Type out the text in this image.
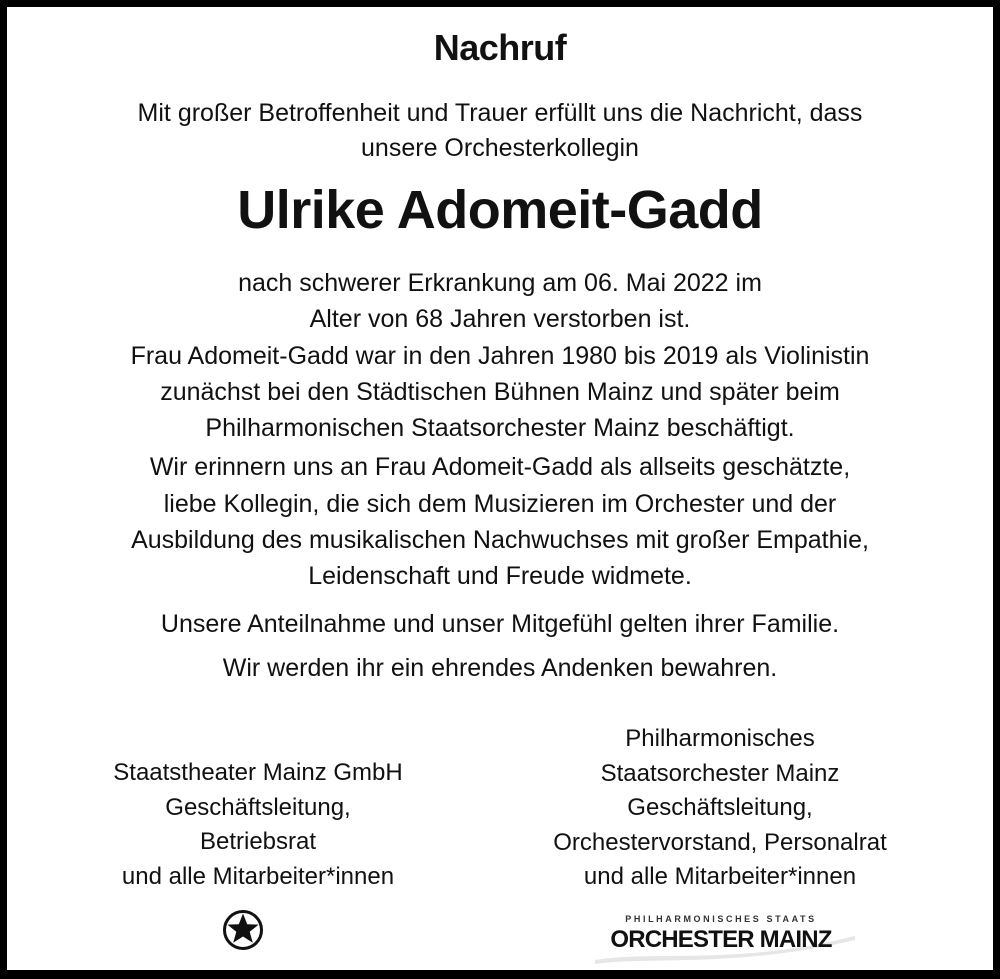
Nachruf
Mit großer Betroffenheit und Trauer erfüllt uns die Nachricht, dass
unsere Orchesterkollegin
Ulrike Adomeit-Gadd
nach schwerer Erkrankung am 06. Mai 2022 im
Alter von 68 Jahren verstorben ist.
Frau Adomeit-Gadd war in den Jahren 1980 bis 2019 als Violinistin
zunächst bei den Städtischen Bühnen Mainz und später beim
Philharmonischen Staatsorchester Mainz beschäftigt.
Wir erinnern uns an Frau Adomeit-Gadd als allseits geschätzte,
liebe Kollegin, die sich dem Musizieren im Orchester und der
Ausbildung des musikalischen Nachwuchses mit großer Empathie,
Leidenschaft und Freude widmete.
Unsere Anteilnahme und unser Mitgefühl gelten ihrer Familie.
Wir werden ihr ein ehrendes Andenken bewahren.
Staatstheater Mainz GmbH
Geschäftsleitung,
Betriebsrat
und alle Mitarbeiter*innen
Philharmonisches
Staatsorchester Mainz
Geschäftsleitung,
Orchestervorstand, Personalrat
und alle Mitarbeiter*innen
PHILHARMONISCHES STAATS
ORCHESTER MAINZ
